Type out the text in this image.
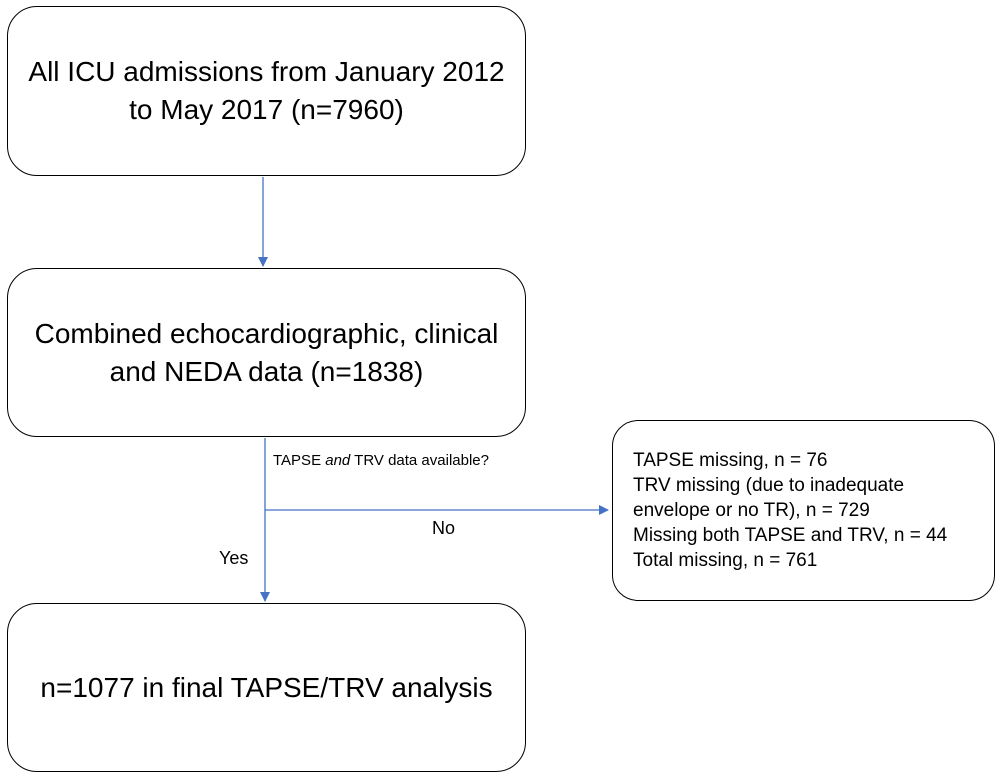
All ICU admissions from January 2012
to May 2017 (n=7960)
Combined echocardiographic, clinical
and NEDA data (n=1838)
n=1077 in final TAPSE/TRV analysis
TAPSE missing, n = 76
TRV missing (due to inadequate
envelope or no TR), n = 729
Missing both TAPSE and TRV, n = 44
Total missing, n = 761
TAPSE and TRV data available?
No
Yes
